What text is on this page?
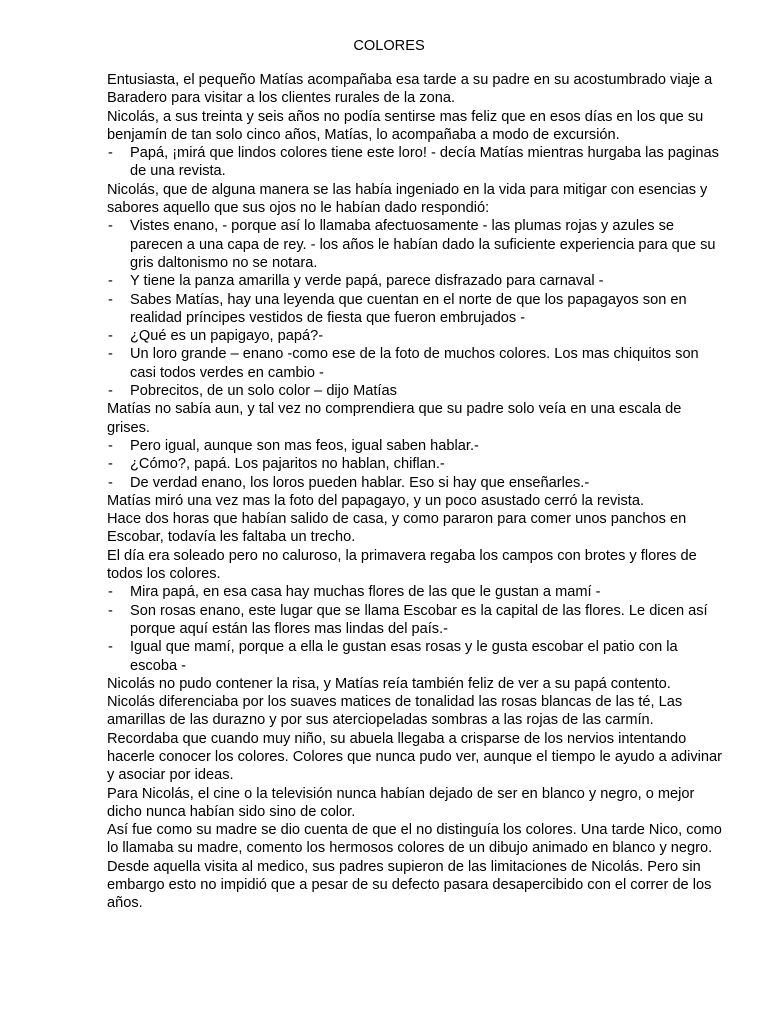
COLORES
Entusiasta, el pequeño Matías acompañaba esa tarde a su padre en su acostumbrado viaje a Baradero para visitar a los clientes rurales de la zona.
Nicolás, a sus treinta y seis años no podía sentirse mas feliz que en esos días en los que su benjamín de tan solo cinco años, Matías, lo acompañaba a modo de excursión.
- Papá, ¡mirá que lindos colores tiene este loro! - decía Matías mientras hurgaba las paginas de una revista.
Nicolás, que de alguna manera se las había ingeniado en la vida para mitigar con esencias y sabores aquello que sus ojos no le habían dado respondió:
- Vistes enano, - porque así lo llamaba afectuosamente - las plumas rojas y azules se parecen a una capa de rey. - los años le habían dado la suficiente experiencia para que su gris daltonismo no se notara.
- Y tiene la panza amarilla y verde papá, parece disfrazado para carnaval -
- Sabes Matías, hay una leyenda que cuentan en el norte de que los papagayos son en realidad príncipes vestidos de fiesta que fueron embrujados -
- ¿Qué es un papigayo, papá?-
- Un loro grande – enano -como ese de la foto de muchos colores. Los mas chiquitos son casi todos verdes en cambio -
- Pobrecitos, de un solo color – dijo Matías
Matías no sabía aun, y tal vez no comprendiera que su padre solo veía en una escala de grises.
- Pero igual, aunque son mas feos, igual saben hablar.-
- ¿Cómo?, papá. Los pajaritos no hablan, chiflan.-
- De verdad enano, los loros pueden hablar. Eso si hay que enseñarles.-
Matías miró una vez mas la foto del papagayo, y un poco asustado cerró la revista.
Hace dos horas que habían salido de casa, y como pararon para comer unos panchos en Escobar, todavía les faltaba un trecho.
El día era soleado pero no caluroso, la primavera regaba los campos con brotes y flores de todos los colores.
- Mira papá, en esa casa hay muchas flores de las que le gustan a mamí -
- Son rosas enano, este lugar que se llama Escobar es la capital de las flores. Le dicen así porque aquí están las flores mas lindas del país.-
- Igual que mamí, porque a ella le gustan esas rosas y le gusta escobar el patio con la escoba -
Nicolás no pudo contener la risa, y Matías reía también feliz de ver a su papá contento.
Nicolás diferenciaba por los suaves matices de tonalidad las rosas blancas de las té, Las amarillas de las durazno y por sus aterciopeladas sombras a las rojas de las carmín.
Recordaba que cuando muy niño, su abuela llegaba a crisparse de los nervios intentando hacerle conocer los colores. Colores que nunca pudo ver, aunque el tiempo le ayudo a adivinar y asociar por ideas.
Para Nicolás, el cine o la televisión nunca habían dejado de ser en blanco y negro, o mejor dicho nunca habían sido sino de color.
Así fue como su madre se dio cuenta de que el no distinguía los colores. Una tarde Nico, como lo llamaba su madre, comento los hermosos colores de un dibujo animado en blanco y negro.
Desde aquella visita al medico, sus padres supieron de las limitaciones de Nicolás. Pero sin embargo esto no impidió que a pesar de su defecto pasara desapercibido con el correr de los años.
